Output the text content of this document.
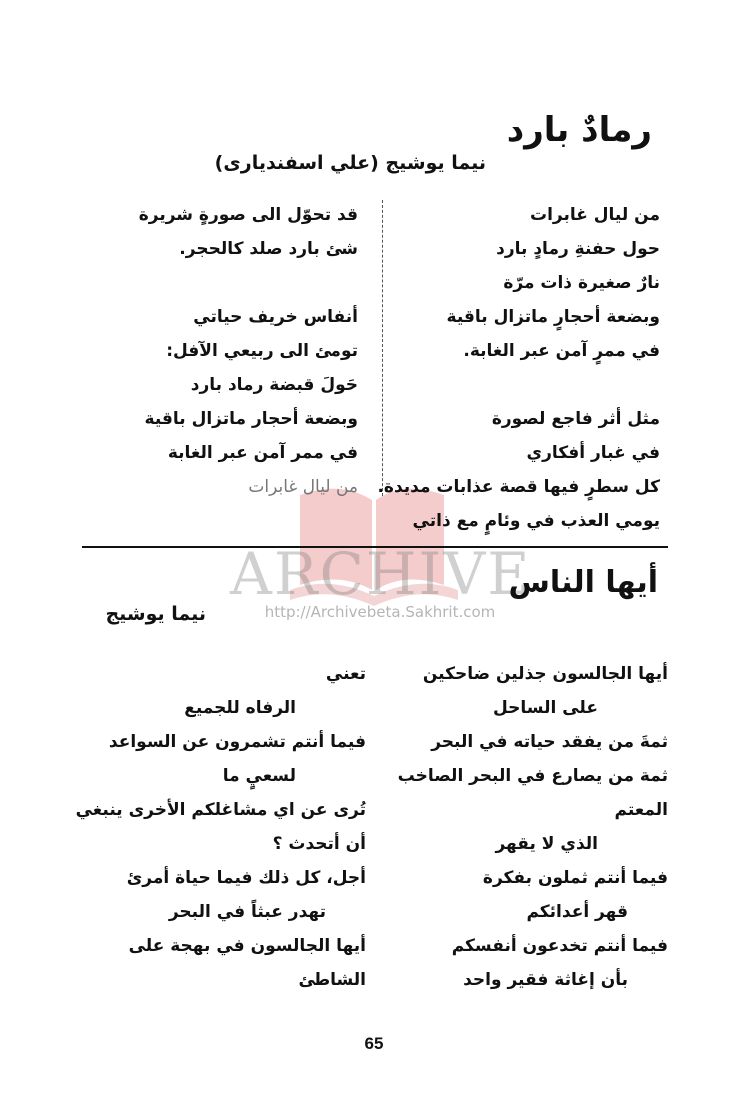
ARCHIVE
http://Archivebeta.Sakhrit.com
رمادٌ بارد
نيما يوشيج (علي اسفنديارى)
من ليال غابرات
حول حفنةِ رمادٍ بارد
نارٌ صغيرة ذات مرّة
وبضعة أحجارٍ ماتزال باقية
في ممرٍ آمن عبر الغابة.
مثل أثر فاجع لصورة
في غبار أفكاري
كل سطرٍ فيها قصة عذابات مديدة.
يومي العذب في وئامٍ مع ذاتي
قد تحوّل الى صورةٍ شريرة
شئ بارد صلد كالحجر.
أنفاس خريف حياتي
تومئ الى ربيعي الآفل:
حَولَ قبضة رماد بارد
وبضعة أحجار ماتزال باقية
في ممر آمن عبر الغابة
من ليال غابرات
أيها الناس
نيما يوشيج
أيها الجالسون جذلين ضاحكين
على الساحل
ثمةَ من يفقد حياته في البحر
ثمة من يصارع في البحر الصاخب
المعتم
الذي لا يقهر
فيما أنتم ثملون بفكرة
قهر أعدائكم
فيما أنتم تخدعون أنفسكم
بأن إغاثة فقير واحد
تعني
الرفاه للجميع
فيما أنتم تشمرون عن السواعد
لسعيٍ ما
تُرى عن اي مشاغلكم الأخرى ينبغي
أن أتحدث ؟
أجل، كل ذلك فيما حياة أمرئ
تهدر عبثاً في البحر
أيها الجالسون في بهجة على
الشاطئ
65
